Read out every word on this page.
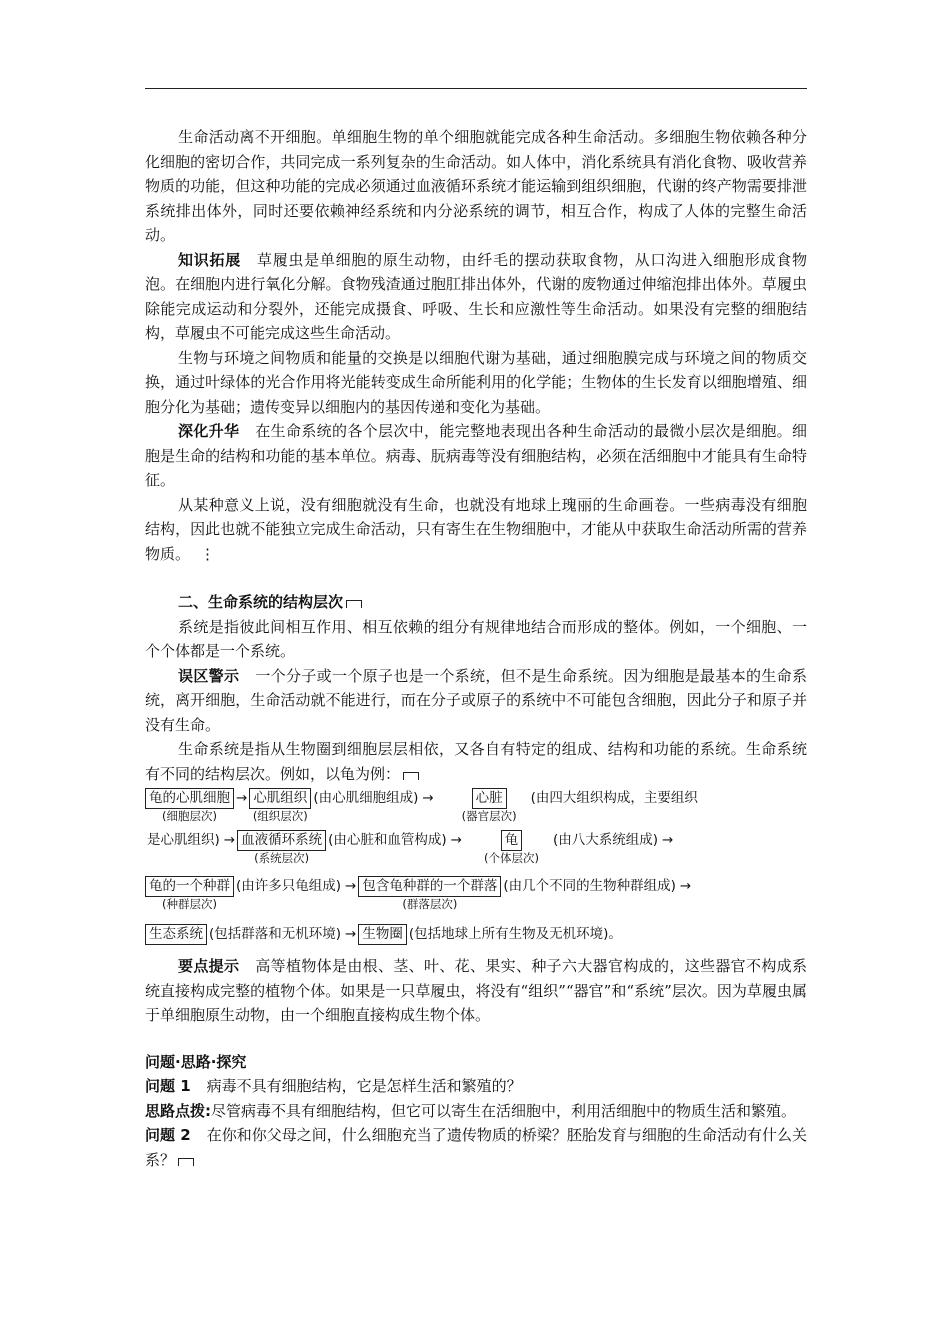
生命活动离不开细胞。单细胞生物的单个细胞就能完成各种生命活动。多细胞生物依赖各种分化细胞的密切合作，共同完成一系列复杂的生命活动。如人体中，消化系统具有消化食物、吸收营养物质的功能，但这种功能的完成必须通过血液循环系统才能运输到组织细胞，代谢的终产物需要排泄系统排出体外，同时还要依赖神经系统和内分泌系统的调节，相互合作，构成了人体的完整生命活动。

知识拓展 草履虫是单细胞的原生动物，由纤毛的摆动获取食物，从口沟进入细胞形成食物泡。在细胞内进行氧化分解。食物残渣通过胞肛排出体外，代谢的废物通过伸缩泡排出体外。草履虫除能完成运动和分裂外，还能完成摄食、呼吸、生长和应激性等生命活动。如果没有完整的细胞结构，草履虫不可能完成这些生命活动。

生物与环境之间物质和能量的交换是以细胞代谢为基础，通过细胞膜完成与环境之间的物质交换，通过叶绿体的光合作用将光能转变成生命所能利用的化学能；生物体的生长发育以细胞增殖、细胞分化为基础；遗传变异以细胞内的基因传递和变化为基础。

深化升华 在生命系统的各个层次中，能完整地表现出各种生命活动的最微小层次是细胞。细胞是生命的结构和功能的基本单位。病毒、朊病毒等没有细胞结构，必须在活细胞中才能具有生命特征。

从某种意义上说，没有细胞就没有生命，也就没有地球上瑰丽的生命画卷。一些病毒没有细胞结构，因此也就不能独立完成生命活动，只有寄生在生物细胞中，才能从中获取生命活动所需的营养物质。 ⋮

二、生命系统的结构层次

系统是指彼此间相互作用、相互依赖的组分有规律地结合而形成的整体。例如，一个细胞、一个个体都是一个系统。

误区警示 一个分子或一个原子也是一个系统，但不是生命系统。因为细胞是最基本的生命系统，离开细胞，生命活动就不能进行，而在分子或原子的系统中不可能包含细胞，因此分子和原子并没有生命。

生命系统是指从生物圈到细胞层层相依，又各自有特定的组成、结构和功能的系统。生命系统有不同的结构层次。例如，以龟为例：

龟的心肌细胞
(细胞层次)
→ 心肌组织
(组织层次)
(由心肌细胞组成) →	心脏
(器官层次)
(由四大组织构成，主要组织
是心肌组织) → 血液循环系统
(系统层次)
(由心脏和血管构成) →	龟
(个体层次)
(由八大系统组成) →
龟的一个种群
(种群层次)
(由许多只龟组成) → 包含龟种群的一个群落
(群落层次)
(由几个不同的生物种群组成) →
生态系统 (包括群落和无机环境) → 生物圈 (包括地球上所有生物及无机环境)。

要点提示 高等植物体是由根、茎、叶、花、果实、种子六大器官构成的，这些器官不构成系统直接构成完整的植物个体。如果是一只草履虫，将没有“组织”“器官”和“系统”层次。因为草履虫属于单细胞原生动物，由一个细胞直接构成生物个体。

问题·思路·探究

问题 1 病毒不具有细胞结构，它是怎样生活和繁殖的？

思路点拨:尽管病毒不具有细胞结构，但它可以寄生在活细胞中，利用活细胞中的物质生活和繁殖。

问题 2 在你和你父母之间，什么细胞充当了遗传物质的桥梁？胚胎发育与细胞的生命活动有什么关系？
